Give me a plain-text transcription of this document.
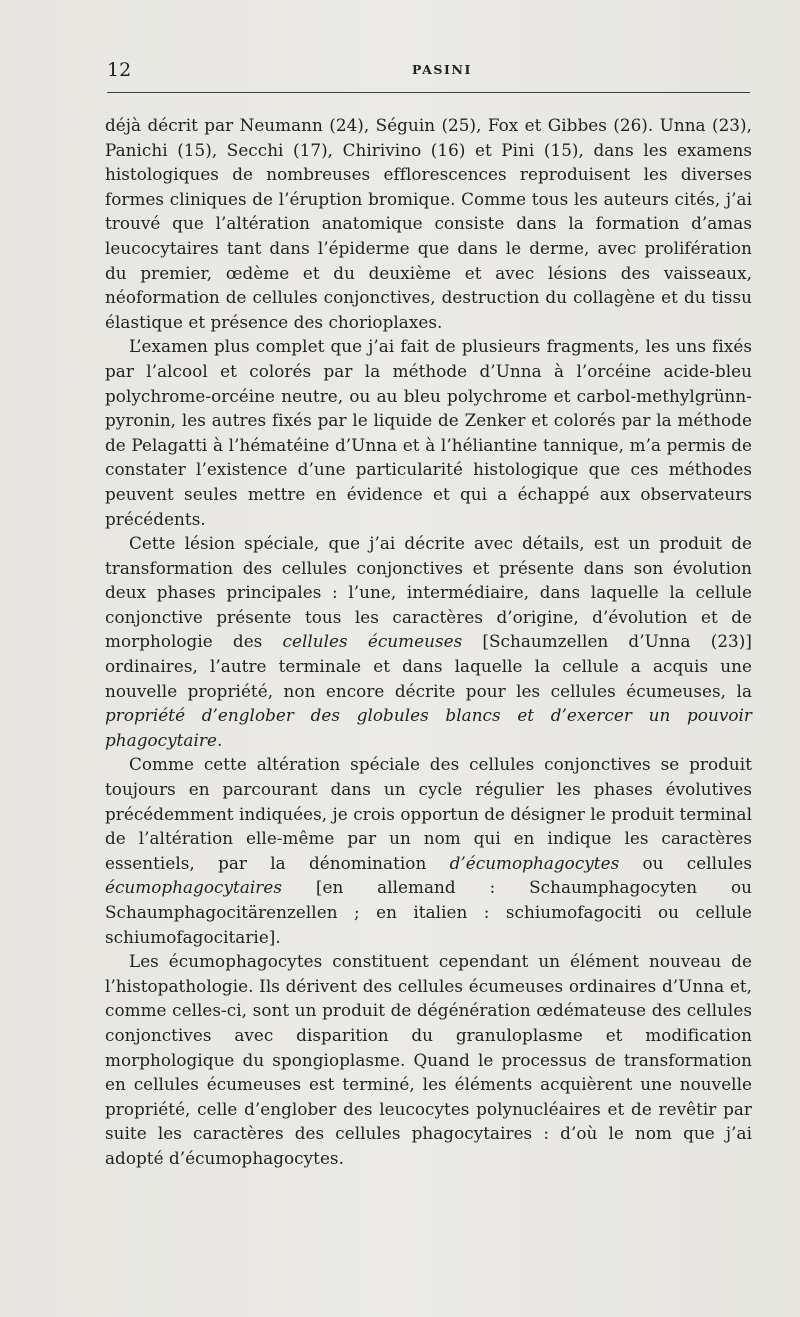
12	PASINI

déjà décrit par Neumann (24), Séguin (25), Fox et Gibbes (26). Unna (23), Panichi (15), Secchi (17), Chirivino (16) et Pini (15), dans les examens histologiques de nombreuses efflorescences reproduisent les diverses formes cliniques de l’éruption bromique. Comme tous les auteurs cités, j’ai trouvé que l’altération anatomique consiste dans la formation d’amas leucocytaires tant dans l’épiderme que dans le derme, avec prolifération du premier, œdème et du deuxième et avec lésions des vaisseaux, néoformation de cellules conjonctives, destruction du collagène et du tissu élastique et présence des chorioplaxes.

L’examen plus complet que j’ai fait de plusieurs fragments, les uns fixés par l’alcool et colorés par la méthode d’Unna à l’orcéine acide-bleu polychrome-orcéine neutre, ou au bleu polychrome et carbol-methylgrünn-pyronin, les autres fixés par le liquide de Zenker et colorés par la méthode de Pelagatti à l’hématéine d’Unna et à l’héliantine tannique, m’a permis de constater l’existence d’une particularité histologique que ces méthodes peuvent seules mettre en évidence et qui a échappé aux observateurs précédents.

Cette lésion spéciale, que j’ai décrite avec détails, est un produit de transformation des cellules conjonctives et présente dans son évolution deux phases principales : l’une, intermédiaire, dans laquelle la cellule conjonctive présente tous les caractères d’origine, d’évolution et de morphologie des cellules écumeuses [Schaumzellen d’Unna (23)] ordinaires, l’autre terminale et dans laquelle la cellule a acquis une nouvelle propriété, non encore décrite pour les cellules écumeuses, la propriété d’englober des globules blancs et d’exercer un pouvoir phagocytaire.

Comme cette altération spéciale des cellules conjonctives se produit toujours en parcourant dans un cycle régulier les phases évolutives précédemment indiquées, je crois opportun de désigner le produit terminal de l’altération elle-même par un nom qui en indique les caractères essentiels, par la dénomination d’écumophagocytes ou cellules écumophagocytaires [en allemand : Schaumphagocyten ou Schaumphagocitärenzellen ; en italien : schiumofagociti ou cellule schiumofagocitarie].

Les écumophagocytes constituent cependant un élément nouveau de l’histopathologie. Ils dérivent des cellules écumeuses ordinaires d’Unna et, comme celles-ci, sont un produit de dégénération œdémateuse des cellules conjonctives avec disparition du granuloplasme et modification morphologique du spongioplasme. Quand le processus de transformation en cellules écumeuses est terminé, les éléments acquièrent une nouvelle propriété, celle d’englober des leucocytes polynucléaires et de revêtir par suite les caractères des cellules phagocytaires : d’où le nom que j’ai adopté d’écumophagocytes.
